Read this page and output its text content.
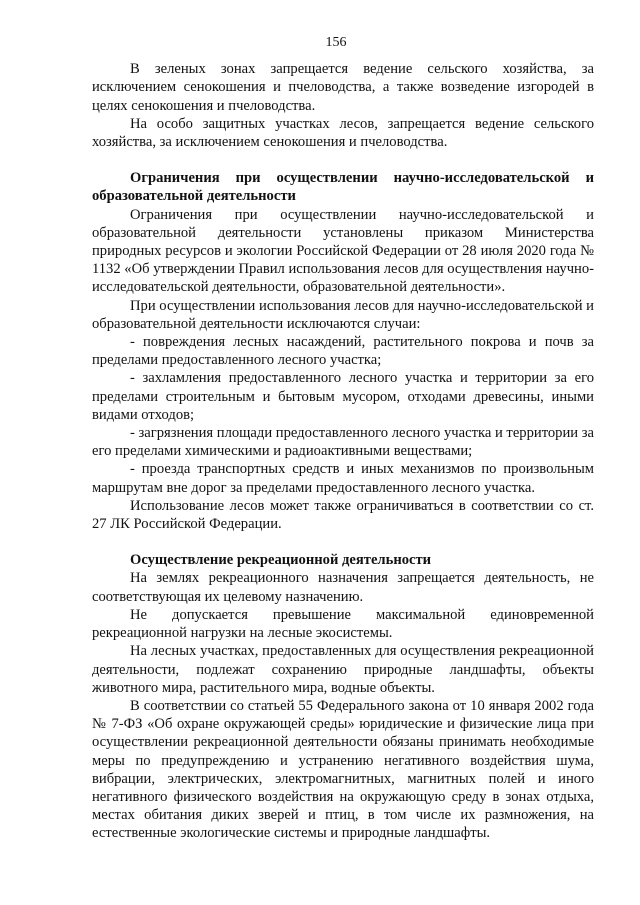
156

В зеленых зонах запрещается ведение сельского хозяйства, за исключением сенокошения и пчеловодства, а также возведение изгородей в целях сенокошения и пчеловодства.

На особо защитных участках лесов, запрещается ведение сельского хозяйства, за исключением сенокошения и пчеловодства.

Ограничения при осуществлении научно-исследовательской и образовательной деятельности

Ограничения при осуществлении научно-исследовательской и образовательной деятельности установлены приказом Министерства природных ресурсов и экологии Российской Федерации от 28 июля 2020 года № 1132 «Об утверждении Правил использования лесов для осуществления научно-исследовательской деятельности, образовательной деятельности».

При осуществлении использования лесов для научно-исследовательской и образовательной деятельности исключаются случаи:

- повреждения лесных насаждений, растительного покрова и почв за пределами предоставленного лесного участка;

- захламления предоставленного лесного участка и территории за его пределами строительным и бытовым мусором, отходами древесины, иными видами отходов;

- загрязнения площади предоставленного лесного участка и территории за его пределами химическими и радиоактивными веществами;

- проезда транспортных средств и иных механизмов по произвольным маршрутам вне дорог за пределами предоставленного лесного участка.

Использование лесов может также ограничиваться в соответствии со ст. 27 ЛК Российской Федерации.

Осуществление рекреационной деятельности

На землях рекреационного назначения запрещается деятельность, не соответствующая их целевому назначению.

Не допускается превышение максимальной единовременной рекреационной нагрузки на лесные экосистемы.

На лесных участках, предоставленных для осуществления рекреационной деятельности, подлежат сохранению природные ландшафты, объекты животного мира, растительного мира, водные объекты.

В соответствии со статьей 55 Федерального закона от 10 января 2002 года № 7-ФЗ «Об охране окружающей среды» юридические и физические лица при осуществлении рекреационной деятельности обязаны принимать необходимые меры по предупреждению и устранению негативного воздействия шума, вибрации, электрических, электромагнитных, магнитных полей и иного негативного физического воздействия на окружающую среду в зонах отдыха, местах обитания диких зверей и птиц, в том числе их размножения, на естественные экологические системы и природные ландшафты.
